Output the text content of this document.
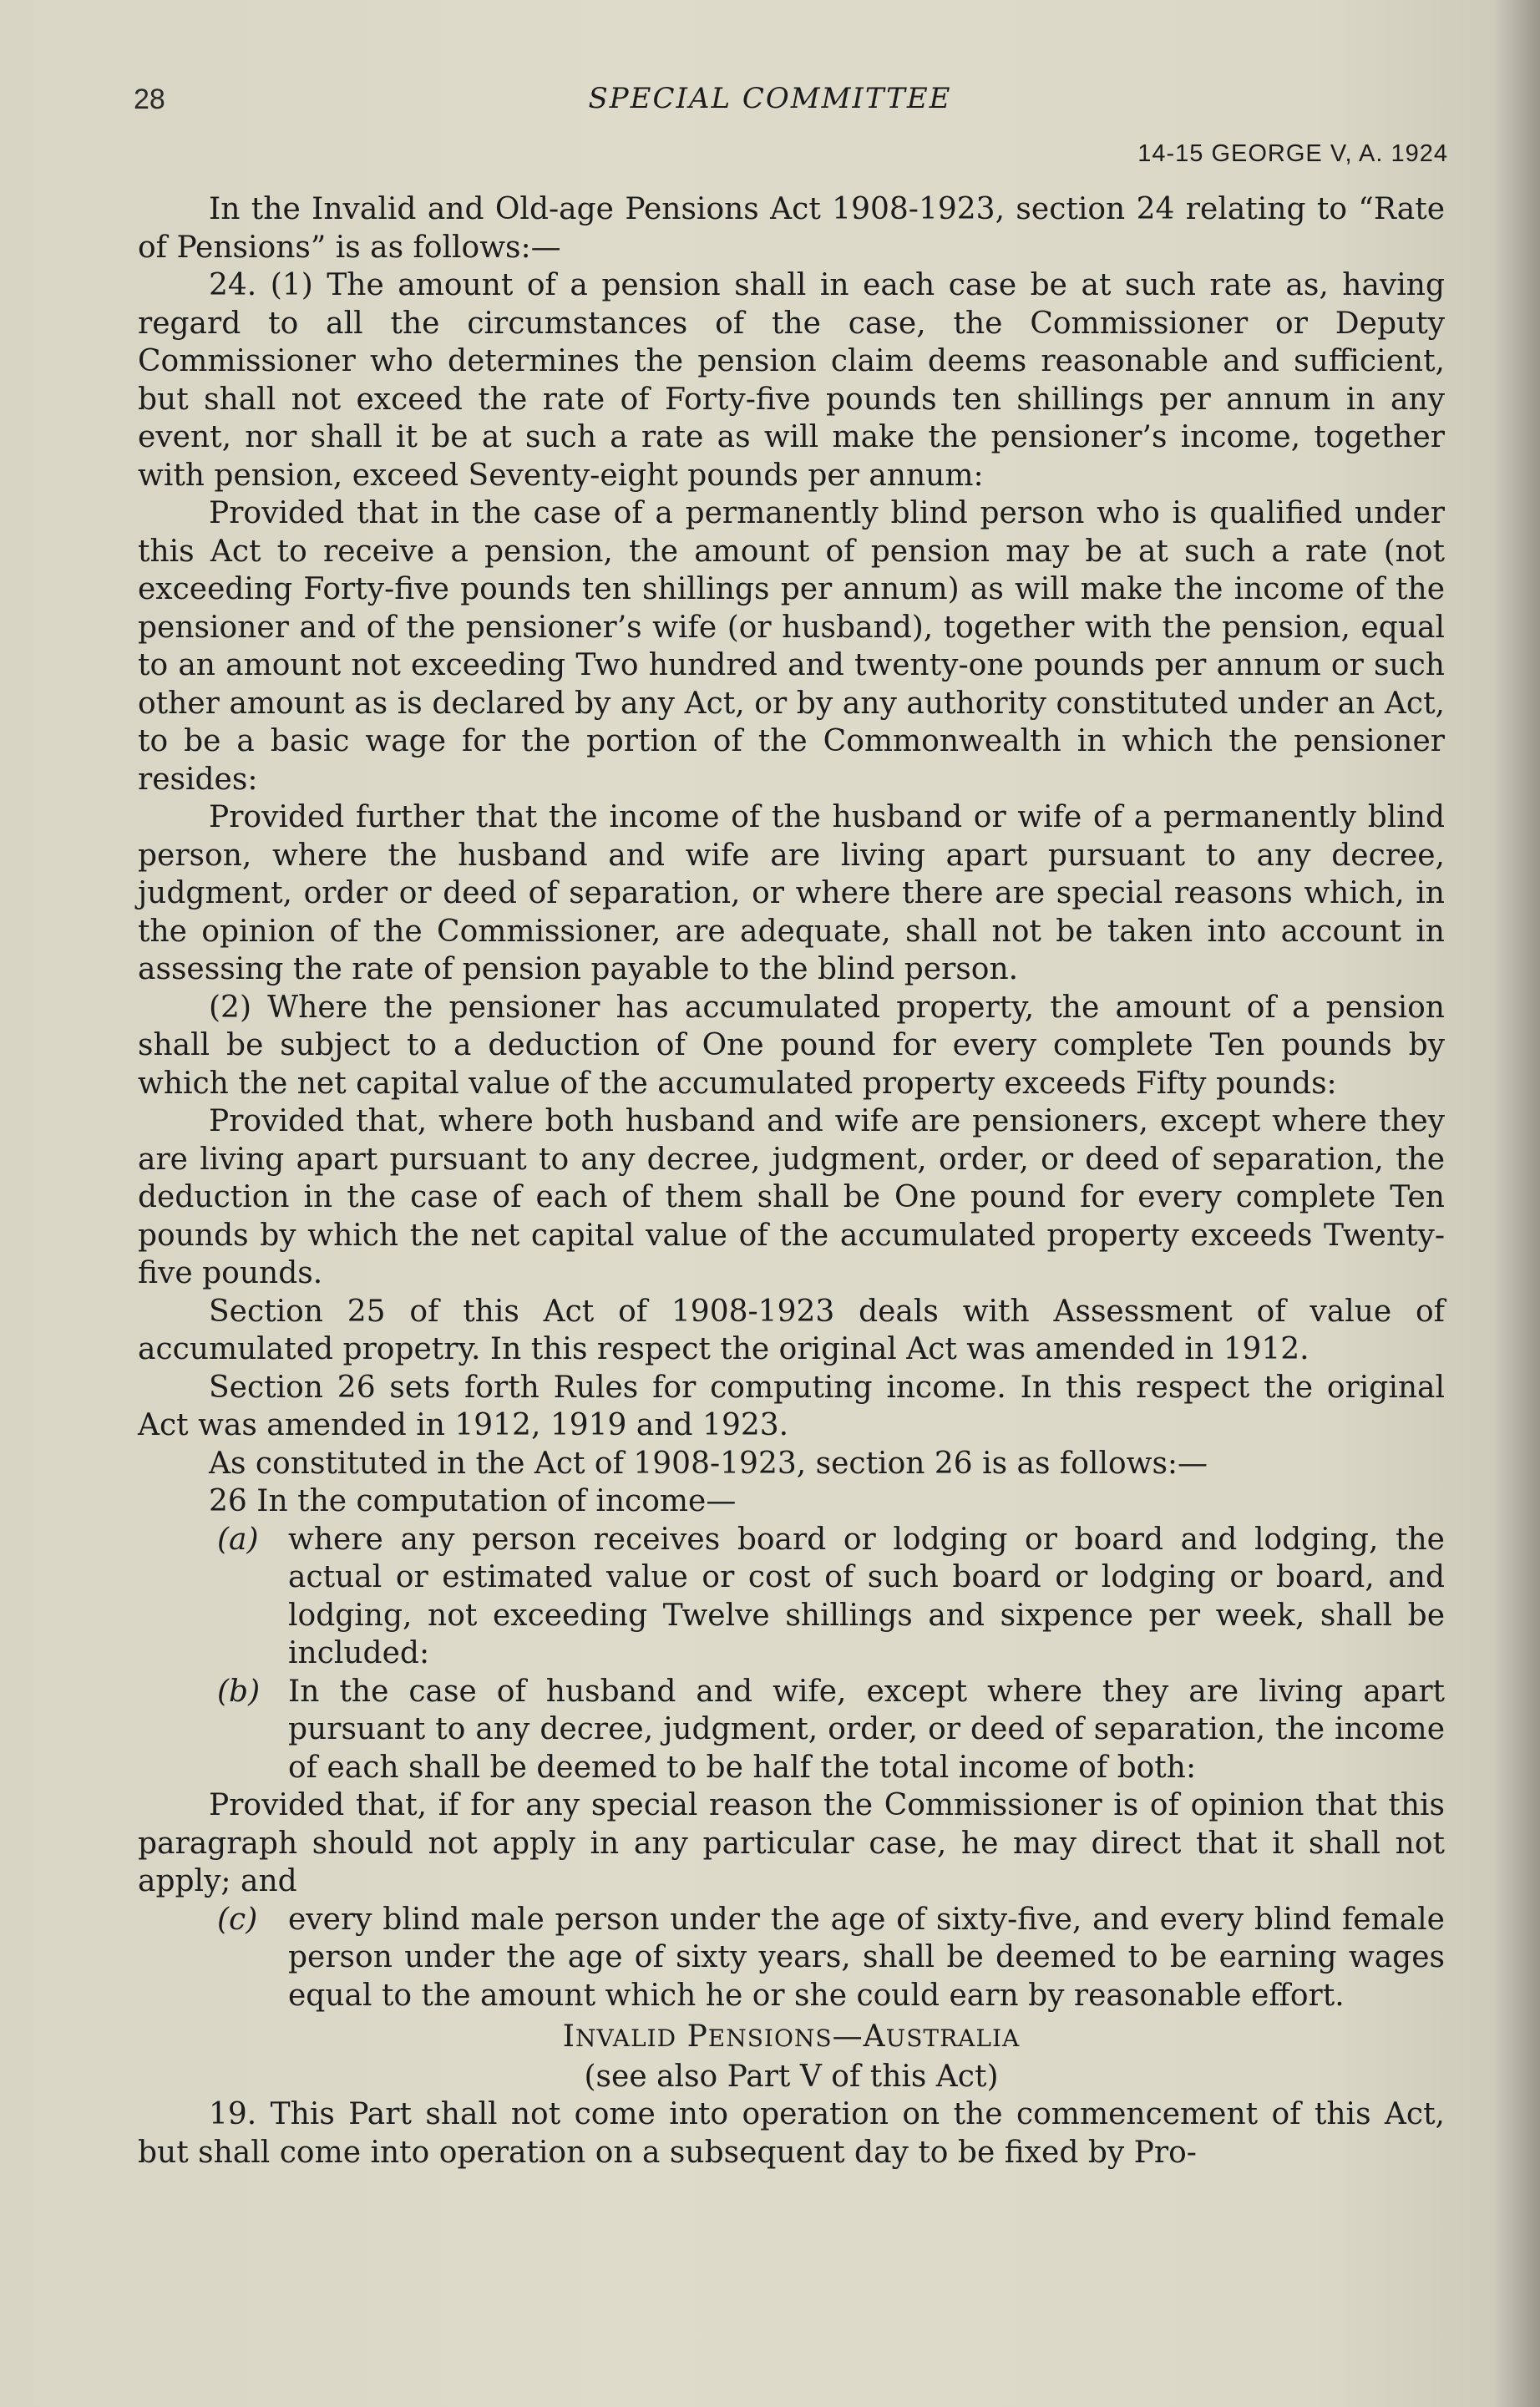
28	SPECIAL COMMITTEE
14-15 GEORGE V, A. 1924

In the Invalid and Old-age Pensions Act 1908-1923, section 24 relating to “Rate of Pensions” is as follows:—

24. (1) The amount of a pension shall in each case be at such rate as, having regard to all the circumstances of the case, the Commissioner or Deputy Commissioner who determines the pension claim deems reasonable and sufficient, but shall not exceed the rate of Forty-five pounds ten shillings per annum in any event, nor shall it be at such a rate as will make the pensioner’s income, together with pension, exceed Seventy-eight pounds per annum:

Provided that in the case of a permanently blind person who is qualified under this Act to receive a pension, the amount of pension may be at such a rate (not exceeding Forty-five pounds ten shillings per annum) as will make the income of the pensioner and of the pensioner’s wife (or husband), together with the pension, equal to an amount not exceeding Two hundred and twenty-one pounds per annum or such other amount as is declared by any Act, or by any authority constituted under an Act, to be a basic wage for the portion of the Commonwealth in which the pensioner resides:

Provided further that the income of the husband or wife of a permanently blind person, where the husband and wife are living apart pursuant to any decree, judgment, order or deed of separation, or where there are special reasons which, in the opinion of the Commissioner, are adequate, shall not be taken into account in assessing the rate of pension payable to the blind person.

(2) Where the pensioner has accumulated property, the amount of a pension shall be subject to a deduction of One pound for every complete Ten pounds by which the net capital value of the accumulated property exceeds Fifty pounds:

Provided that, where both husband and wife are pensioners, except where they are living apart pursuant to any decree, judgment, order, or deed of separation, the deduction in the case of each of them shall be One pound for every complete Ten pounds by which the net capital value of the accumulated property exceeds Twenty-five pounds.

Section 25 of this Act of 1908-1923 deals with Assessment of value of accumulated propetry. In this respect the original Act was amended in 1912.

Section 26 sets forth Rules for computing income. In this respect the original Act was amended in 1912, 1919 and 1923.

As constituted in the Act of 1908-1923, section 26 is as follows:—

26 In the computation of income—

(a) where any person receives board or lodging or board and lodging, the actual or estimated value or cost of such board or lodging or board, and lodging, not exceeding Twelve shillings and sixpence per week, shall be included:
(b) In the case of husband and wife, except where they are living apart pursuant to any decree, judgment, order, or deed of separation, the income of each shall be deemed to be half the total income of both:

Provided that, if for any special reason the Commissioner is of opinion that this paragraph should not apply in any particular case, he may direct that it shall not apply; and

(c)	every blind male person under the age of sixty-five, and every blind female person under the age of sixty years, shall be deemed to be earning wages equal to the amount which he or she could earn by reasonable effort.

INVALID PENSIONS—AUSTRALIA

(see also Part V of this Act)

19. This Part shall not come into operation on the commencement of this Act, but shall come into operation on a subsequent day to be fixed by Pro-
